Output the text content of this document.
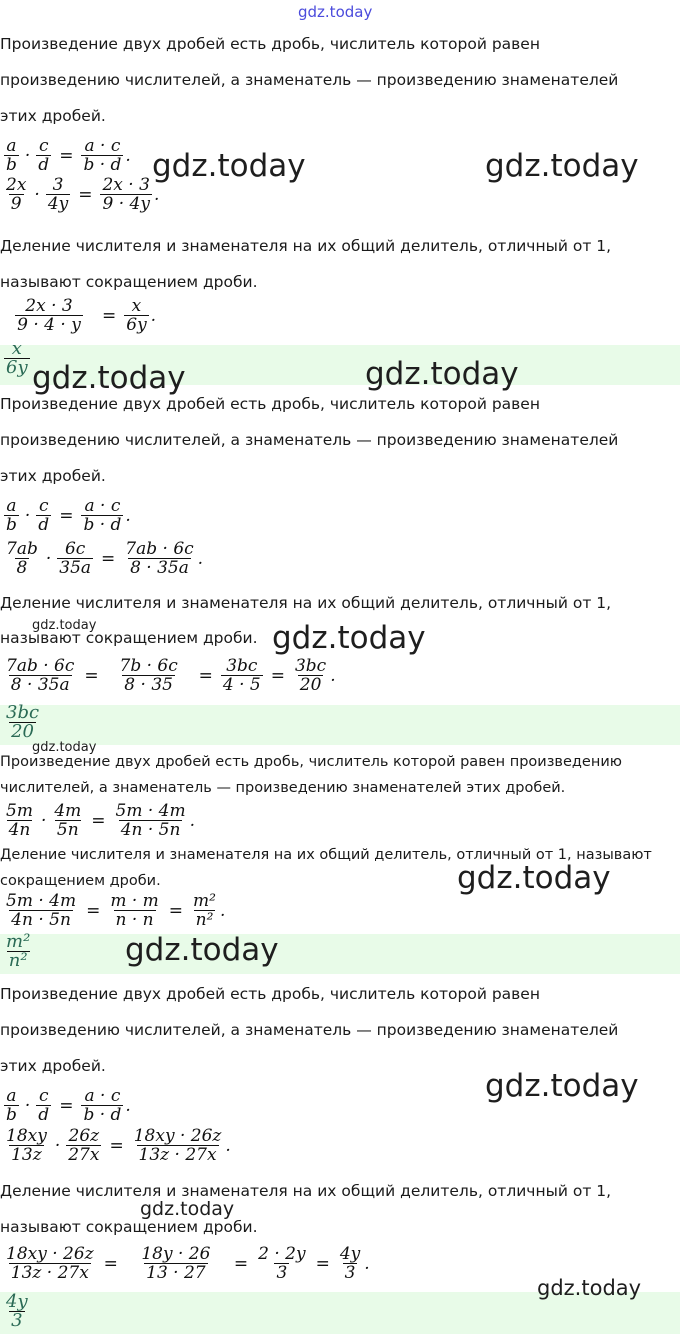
gdz.today
Произведение двух дробей есть дробь, числитель которой равен
произведению числителей, а знаменатель — произведению знаменателей
этих дробей.
$\frac{a}{b} \cdot \frac{c}{d} = \frac{a \cdot c}{b \cdot d}$ .
$\frac{2x}{9} \cdot \frac{3}{4y} = \frac{2x \cdot 3}{9 \cdot 4y}$ .
Деление числителя и знаменателя на их общий делитель, отличный от 1,
называют сокращением дроби.
$\frac{2x \cdot 3}{9 \cdot 4 \cdot y} = \frac{x}{6y}$ .
$\frac{x}{6y}$
gdz.today	gdz.today
gdz.today	gdz.today
Произведение двух дробей есть дробь, числитель которой равен
произведению числителей, а знаменатель — произведению знаменателей
этих дробей.
$\frac{a}{b} \cdot \frac{c}{d} = \frac{a \cdot c}{b \cdot d}$ .
$\frac{7ab}{8} \cdot \frac{6c}{35a} = \frac{7ab \cdot 6c}{8 \cdot 35a}$ .
Деление числителя и знаменателя на их общий делитель, отличный от 1,
называют сокращением дроби.
$\frac{7ab \cdot 6c}{8 \cdot 35a} = \frac{7b \cdot 6c}{8 \cdot 35} = \frac{3bc}{4 \cdot 5} = \frac{3bc}{20}$ .
$\frac{3bc}{20}$
gdz.today	gdz.today
gdz.today
Произведение двух дробей есть дробь, числитель которой равен произведению
числителей, а знаменатель — произведению знаменателей этих дробей.
$\frac{5m}{4n} \cdot \frac{4m}{5n} = \frac{5m \cdot 4m}{4n \cdot 5n}$ .
Деление числителя и знаменателя на их общий делитель, отличный от 1, называют
сокращением дроби.
$\frac{5m \cdot 4m}{4n \cdot 5n} = \frac{m \cdot m}{n \cdot n} = \frac{\text{m²}}{\text{n²}}$ .
$\frac{\text{m²}}{\text{n²}}$
gdz.today
gdz.today
Произведение двух дробей есть дробь, числитель которой равен
произведению числителей, а знаменатель — произведению знаменателей
этих дробей.
$\frac{a}{b} \cdot \frac{c}{d} = \frac{a \cdot c}{b \cdot d}$ .
$\frac{18xy}{13z} \cdot \frac{26z}{27x} = \frac{18xy \cdot 26z}{13z \cdot 27x}$ .
Деление числителя и знаменателя на их общий делитель, отличный от 1,
называют сокращением дроби.
$\frac{18xy \cdot 26z}{13z \cdot 27x} = \frac{18y \cdot 26}{13 \cdot 27} = \frac{2 \cdot 2y}{3} = \frac{4y}{3}$ .
$\frac{4y}{3}$
gdz.today
gdz.today
gdz.today
